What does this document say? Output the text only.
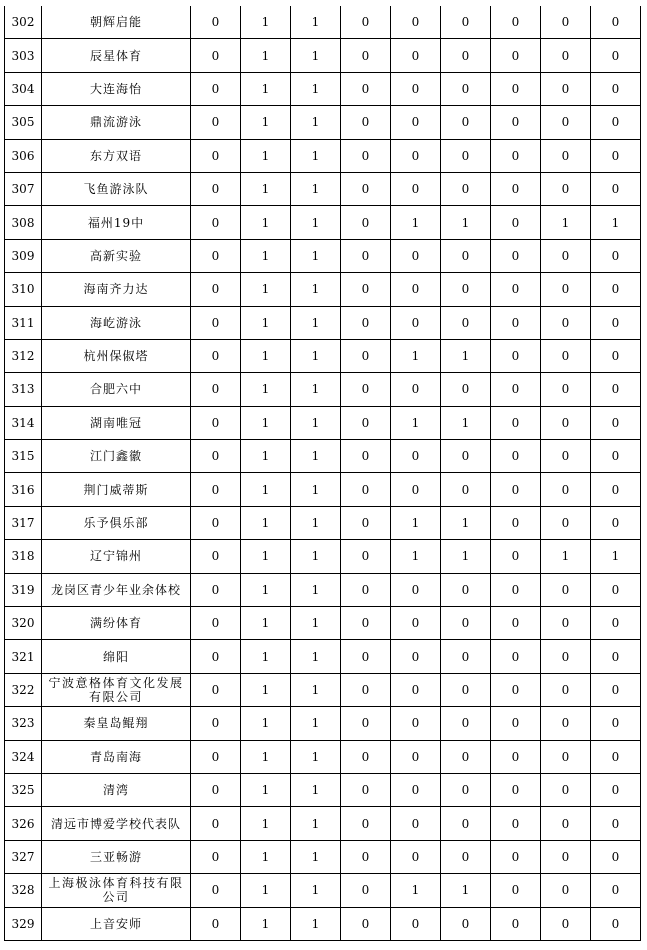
302	朝辉启能	0	1	1	0	0	0	0	0	0
303	辰星体育	0	1	1	0	0	0	0	0	0
304	大连海怡	0	1	1	0	0	0	0	0	0
305	鼎流游泳	0	1	1	0	0	0	0	0	0
306	东方双语	0	1	1	0	0	0	0	0	0
307	飞鱼游泳队	0	1	1	0	0	0	0	0	0
308	福州19中	0	1	1	0	1	1	0	1	1
309	高新实验	0	1	1	0	0	0	0	0	0
310	海南齐力达	0	1	1	0	0	0	0	0	0
311	海屹游泳	0	1	1	0	0	0	0	0	0
312	杭州保俶塔	0	1	1	0	1	1	0	0	0
313	合肥六中	0	1	1	0	0	0	0	0	0
314	湖南唯冠	0	1	1	0	1	1	0	0	0
315	江门鑫徽	0	1	1	0	0	0	0	0	0
316	荆门威蒂斯	0	1	1	0	0	0	0	0	0
317	乐予俱乐部	0	1	1	0	1	1	0	0	0
318	辽宁锦州	0	1	1	0	1	1	0	1	1
319	龙岗区青少年业余体校	0	1	1	0	0	0	0	0	0
320	满纷体育	0	1	1	0	0	0	0	0	0
321	绵阳	0	1	1	0	0	0	0	0	0
322	宁波意格体育文化发展有限公司	0	1	1	0	0	0	0	0	0
323	秦皇岛鲲翔	0	1	1	0	0	0	0	0	0
324	青岛南海	0	1	1	0	0	0	0	0	0
325	清湾	0	1	1	0	0	0	0	0	0
326	清远市博爱学校代表队	0	1	1	0	0	0	0	0	0
327	三亚畅游	0	1	1	0	0	0	0	0	0
328	上海极泳体育科技有限公司	0	1	1	0	1	1	0	0	0
329	上音安师	0	1	1	0	0	0	0	0	0
